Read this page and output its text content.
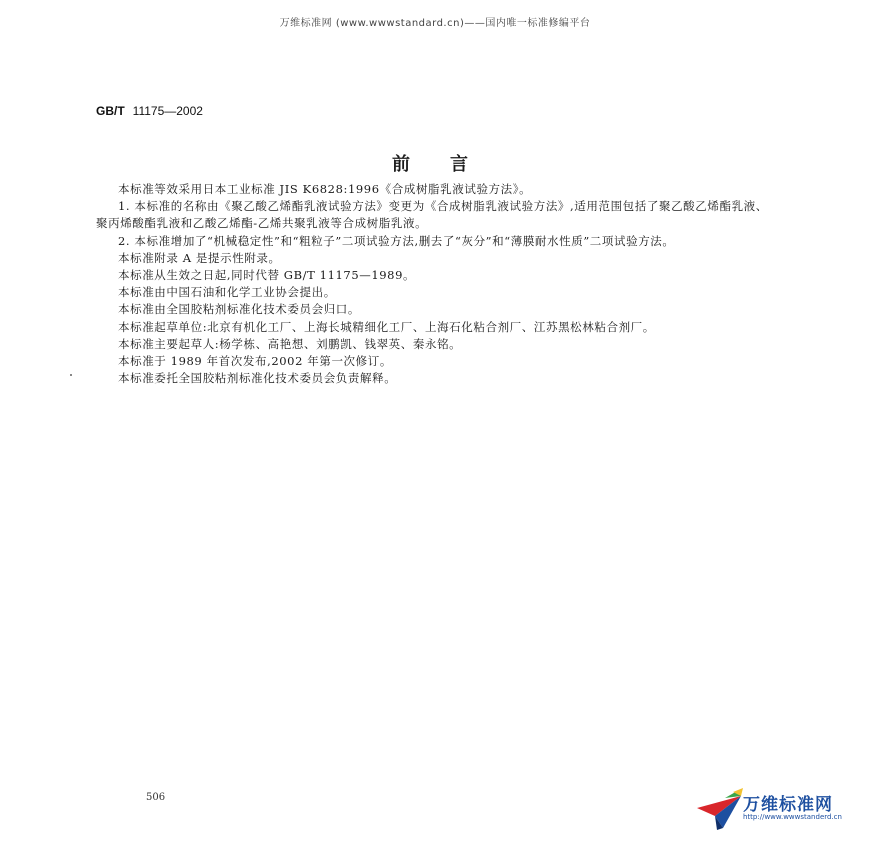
万维标准网 (www.wwwstandard.cn)——国内唯一标准修编平台
GB/T 11175—2002
前言

本标准等效采用日本工业标准 JIS K6828:1996《合成树脂乳液试验方法》。

1. 本标准的名称由《聚乙酸乙烯酯乳液试验方法》变更为《合成树脂乳液试验方法》,适用范围包括了聚乙酸乙烯酯乳液、聚丙烯酸酯乳液和乙酸乙烯酯-乙烯共聚乳液等合成树脂乳液。

2. 本标准增加了“机械稳定性”和“粗粒子”二项试验方法,删去了“灰分”和“薄膜耐水性质”二项试验方法。

本标准附录 A 是提示性附录。

本标准从生效之日起,同时代替 GB/T 11175—1989。

本标准由中国石油和化学工业协会提出。

本标准由全国胶粘剂标准化技术委员会归口。

本标准起草单位:北京有机化工厂、上海长城精细化工厂、上海石化粘合剂厂、江苏黑松林粘合剂厂。

本标准主要起草人:杨学栋、高艳想、刘鹏凯、钱翠英、秦永铭。

本标准于 1989 年首次发布,2002 年第一次修订。

本标准委托全国胶粘剂标准化技术委员会负责解释。

506	万维标准网
http://www.wwwstanderd.cn
